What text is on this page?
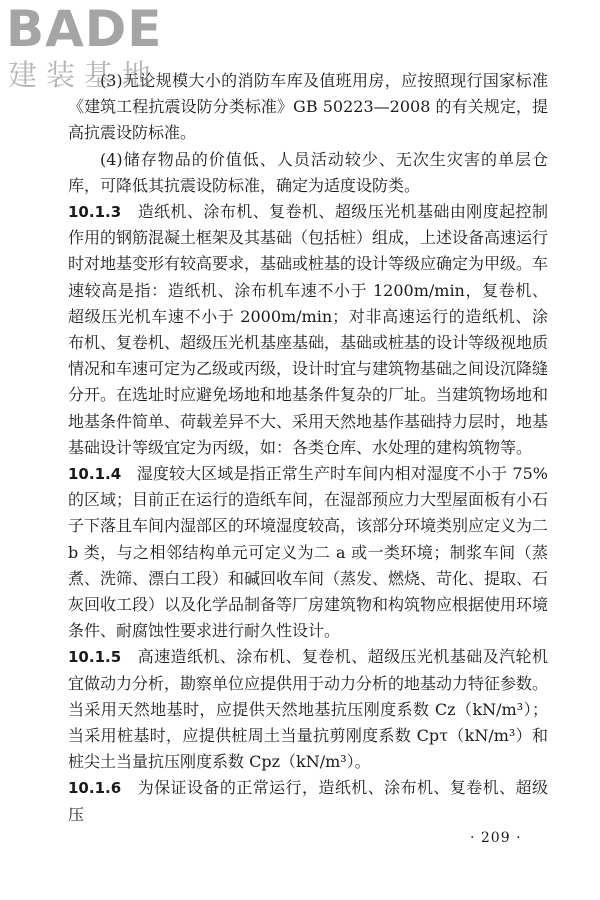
BADE
建装基地

(3)无论规模大小的消防车库及值班用房，应按照现行国家标准《建筑工程抗震设防分类标准》GB 50223—2008 的有关规定，提高抗震设防标准。

(4)储存物品的价值低、人员活动较少、无次生灾害的单层仓库，可降低其抗震设防标准，确定为适度设防类。

10.1.3 造纸机、涂布机、复卷机、超级压光机基础由刚度起控制作用的钢筋混凝土框架及其基础（包括桩）组成，上述设备高速运行时对地基变形有较高要求，基础或桩基的设计等级应确定为甲级。车速较高是指：造纸机、涂布机车速不小于 1200m/min，复卷机、超级压光机车速不小于 2000m/min；对非高速运行的造纸机、涂布机、复卷机、超级压光机基座基础，基础或桩基的设计等级视地质情况和车速可定为乙级或丙级，设计时宜与建筑物基础之间设沉降缝分开。在选址时应避免场地和地基条件复杂的厂址。当建筑物场地和地基条件简单、荷载差异不大、采用天然地基作基础持力层时，地基基础设计等级宜定为丙级，如：各类仓库、水处理的建构筑物等。

10.1.4 湿度较大区域是指正常生产时车间内相对湿度不小于 75% 的区域；目前正在运行的造纸车间，在湿部预应力大型屋面板有小石子下落且车间内湿部区的环境湿度较高，该部分环境类别应定义为二 b 类，与之相邻结构单元可定义为二 a 或一类环境；制浆车间（蒸煮、洗筛、漂白工段）和碱回收车间（蒸发、燃烧、苛化、提取、石灰回收工段）以及化学品制备等厂房建筑物和构筑物应根据使用环境条件、耐腐蚀性要求进行耐久性设计。

10.1.5 高速造纸机、涂布机、复卷机、超级压光机基础及汽轮机宜做动力分析，勘察单位应提供用于动力分析的地基动力特征参数。当采用天然地基时，应提供天然地基抗压刚度系数 Cz（kN/m³）；当采用桩基时，应提供桩周土当量抗剪刚度系数 Cpτ（kN/m³）和桩尖土当量抗压刚度系数 Cpz（kN/m³）。

10.1.6 为保证设备的正常运行，造纸机、涂布机、复卷机、超级压

· 209 ·
